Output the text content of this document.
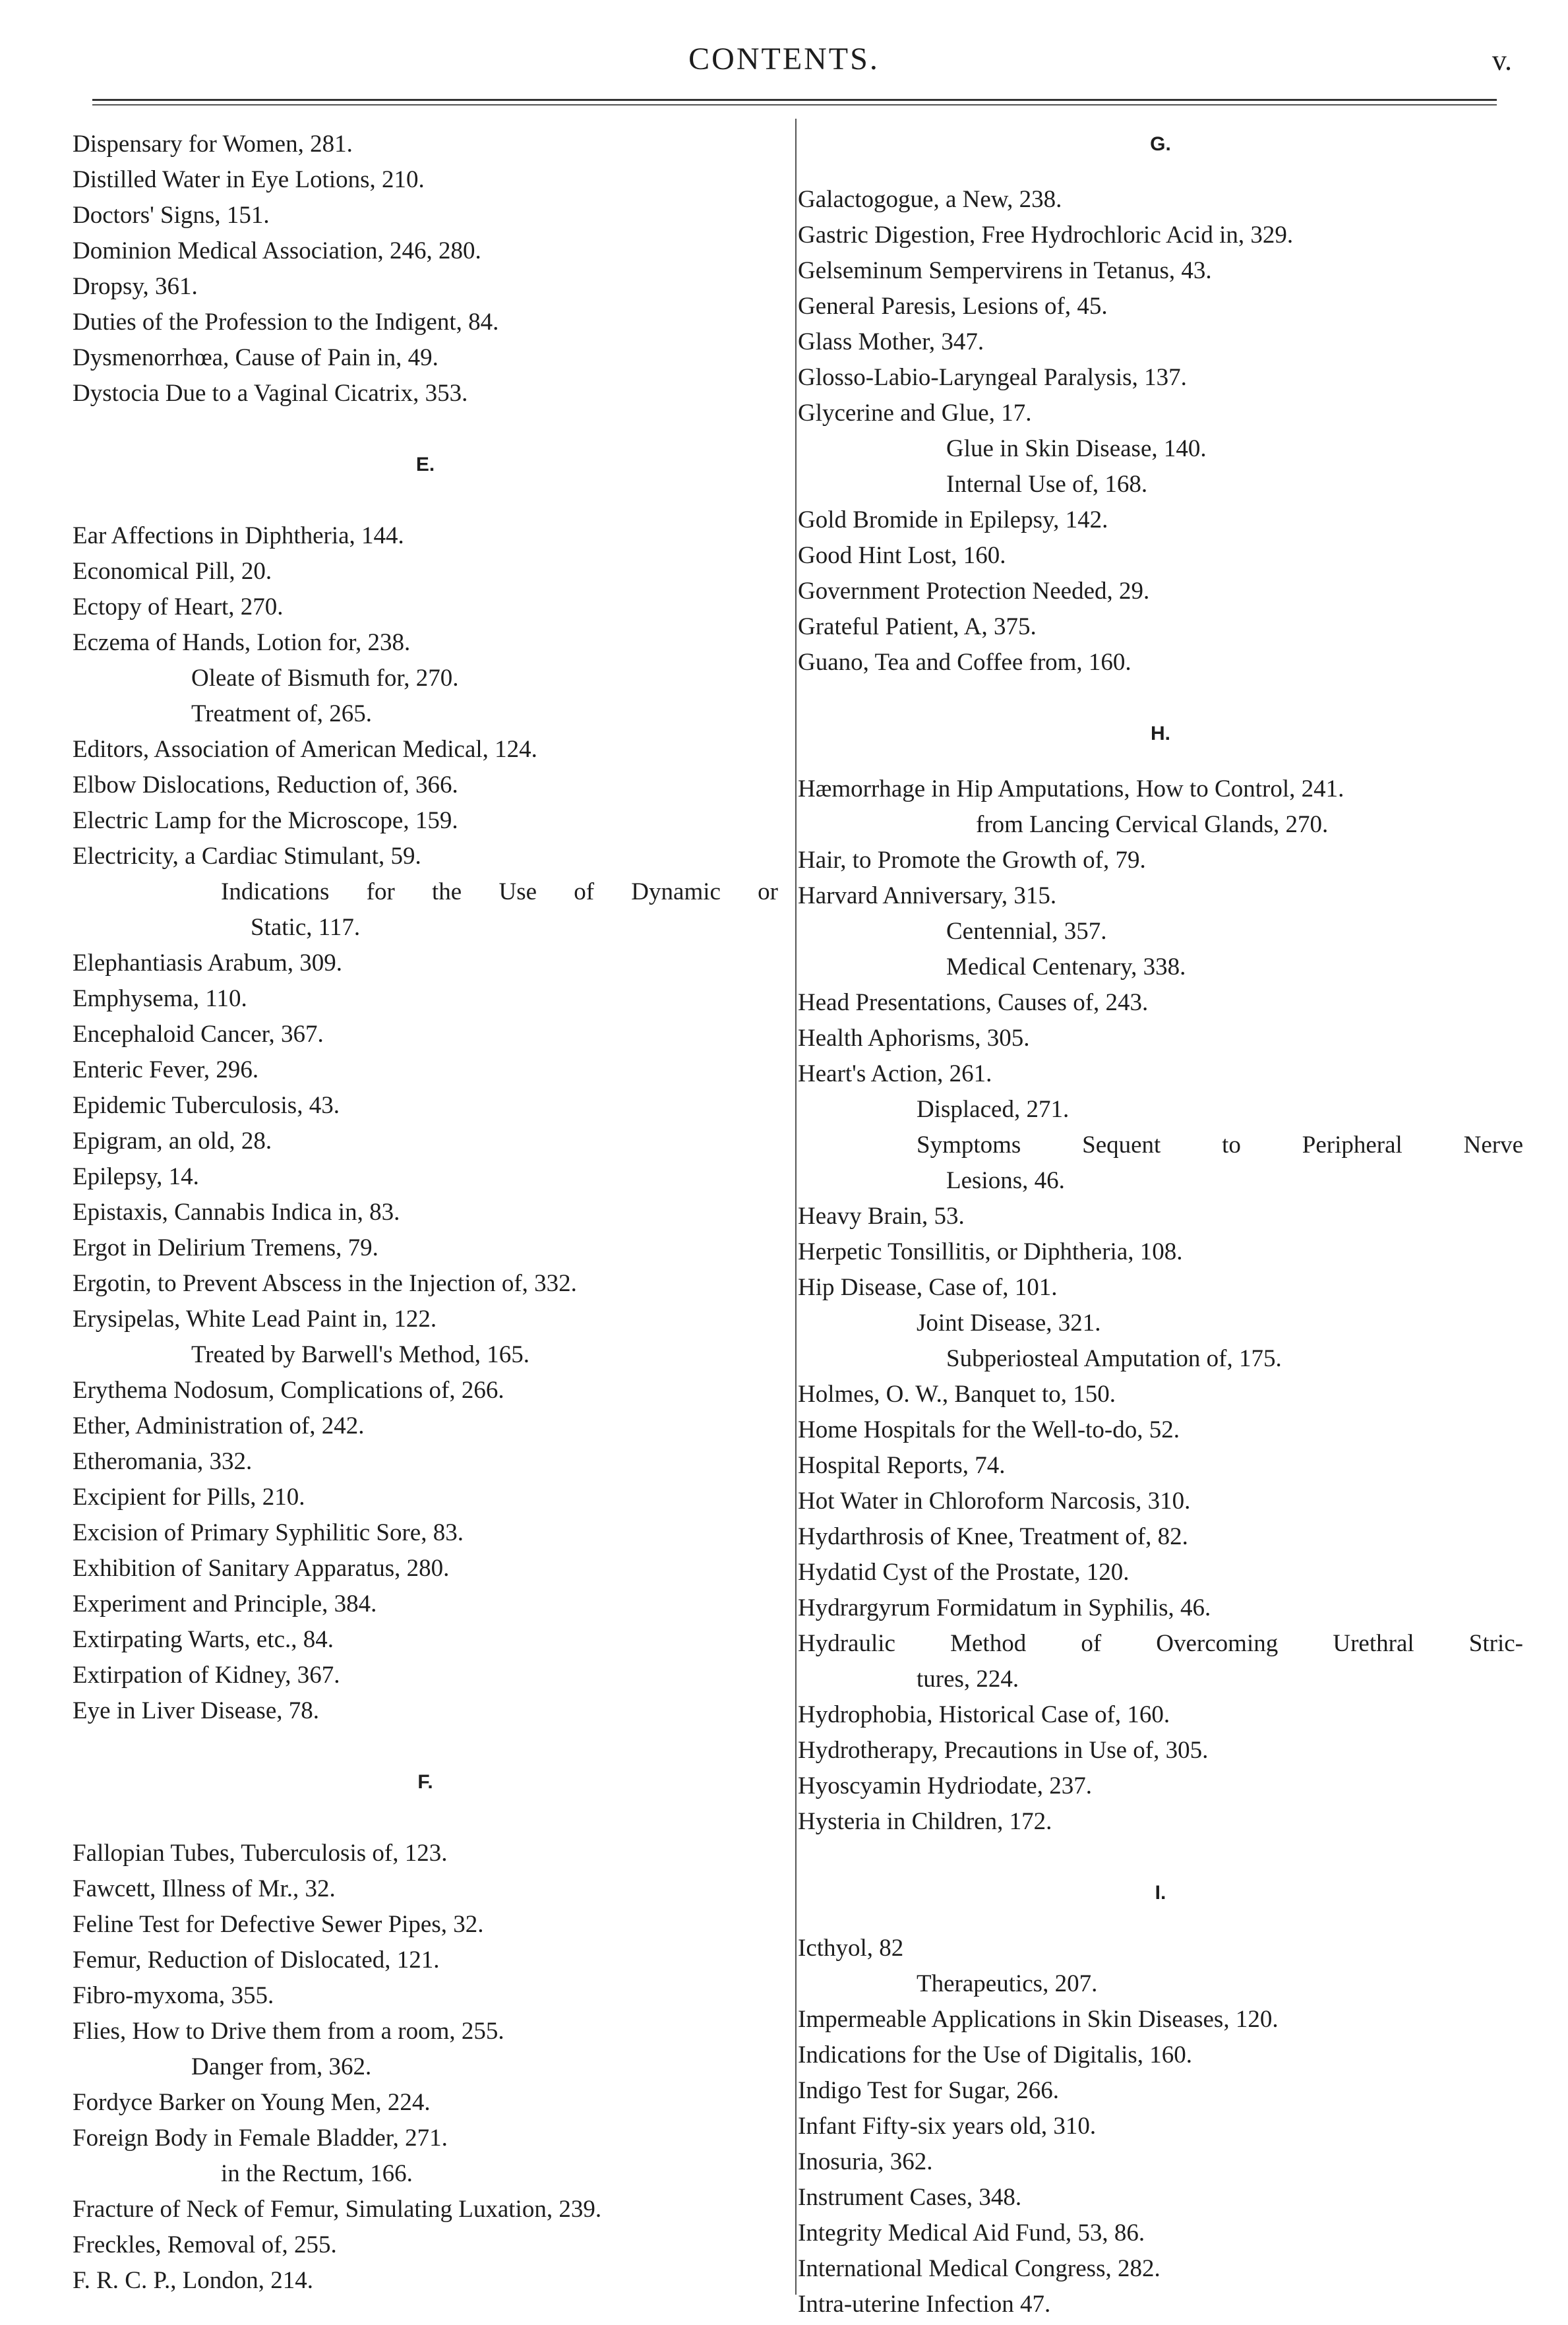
CONTENTS.	v.
Dispensary for Women, 281.
Distilled Water in Eye Lotions, 210.
Doctors' Signs, 151.
Dominion Medical Association, 246, 280.
Dropsy, 361.
Duties of the Profession to the Indigent, 84.
Dysmenorrhœa, Cause of Pain in, 49.
Dystocia Due to a Vaginal Cicatrix, 353.
E.
Ear Affections in Diphtheria, 144.
Economical Pill, 20.
Ectopy of Heart, 270.
Eczema of Hands, Lotion for, 238.
Oleate of Bismuth for, 270.
Treatment of, 265.
Editors, Association of American Medical, 124.
Elbow Dislocations, Reduction of, 366.
Electric Lamp for the Microscope, 159.
Electricity, a Cardiac Stimulant, 59.
Indications for the Use of Dynamic or
Static, 117.
Elephantiasis Arabum, 309.
Emphysema, 110.
Encephaloid Cancer, 367.
Enteric Fever, 296.
Epidemic Tuberculosis, 43.
Epigram, an old, 28.
Epilepsy, 14.
Epistaxis, Cannabis Indica in, 83.
Ergot in Delirium Tremens, 79.
Ergotin, to Prevent Abscess in the Injection of, 332.
Erysipelas, White Lead Paint in, 122.
Treated by Barwell's Method, 165.
Erythema Nodosum, Complications of, 266.
Ether, Administration of, 242.
Etheromania, 332.
Excipient for Pills, 210.
Excision of Primary Syphilitic Sore, 83.
Exhibition of Sanitary Apparatus, 280.
Experiment and Principle, 384.
Extirpating Warts, etc., 84.
Extirpation of Kidney, 367.
Eye in Liver Disease, 78.
F.
Fallopian Tubes, Tuberculosis of, 123.
Fawcett, Illness of Mr., 32.
Feline Test for Defective Sewer Pipes, 32.
Femur, Reduction of Dislocated, 121.
Fibro-myxoma, 355.
Flies, How to Drive them from a room, 255.
Danger from, 362.
Fordyce Barker on Young Men, 224.
Foreign Body in Female Bladder, 271.
in the Rectum, 166.
Fracture of Neck of Femur, Simulating Luxation, 239.
Freckles, Removal of, 255.
F. R. C. P., London, 214.
G.
Galactogogue, a New, 238.
Gastric Digestion, Free Hydrochloric Acid in, 329.
Gelseminum Sempervirens in Tetanus, 43.
General Paresis, Lesions of, 45.
Glass Mother, 347.
Glosso-Labio-Laryngeal Paralysis, 137.
Glycerine and Glue, 17.
Glue in Skin Disease, 140.
Internal Use of, 168.
Gold Bromide in Epilepsy, 142.
Good Hint Lost, 160.
Government Protection Needed, 29.
Grateful Patient, A, 375.
Guano, Tea and Coffee from, 160.
H.
Hæmorrhage in Hip Amputations, How to Control, 241.
from Lancing Cervical Glands, 270.
Hair, to Promote the Growth of, 79.
Harvard Anniversary, 315.
Centennial, 357.
Medical Centenary, 338.
Head Presentations, Causes of, 243.
Health Aphorisms, 305.
Heart's Action, 261.
Displaced, 271.
Symptoms Sequent to Peripheral Nerve
Lesions, 46.
Heavy Brain, 53.
Herpetic Tonsillitis, or Diphtheria, 108.
Hip Disease, Case of, 101.
Joint Disease, 321.
Subperiosteal Amputation of, 175.
Holmes, O. W., Banquet to, 150.
Home Hospitals for the Well-to-do, 52.
Hospital Reports, 74.
Hot Water in Chloroform Narcosis, 310.
Hydarthrosis of Knee, Treatment of, 82.
Hydatid Cyst of the Prostate, 120.
Hydrargyrum Formidatum in Syphilis, 46.
Hydraulic Method of Overcoming Urethral Stric-
tures, 224.
Hydrophobia, Historical Case of, 160.
Hydrotherapy, Precautions in Use of, 305.
Hyoscyamin Hydriodate, 237.
Hysteria in Children, 172.
I.
Icthyol, 82
Therapeutics, 207.
Impermeable Applications in Skin Diseases, 120.
Indications for the Use of Digitalis, 160.
Indigo Test for Sugar, 266.
Infant Fifty-six years old, 310.
Inosuria, 362.
Instrument Cases, 348.
Integrity Medical Aid Fund, 53, 86.
International Medical Congress, 282.
Intra-uterine Infection 47.
